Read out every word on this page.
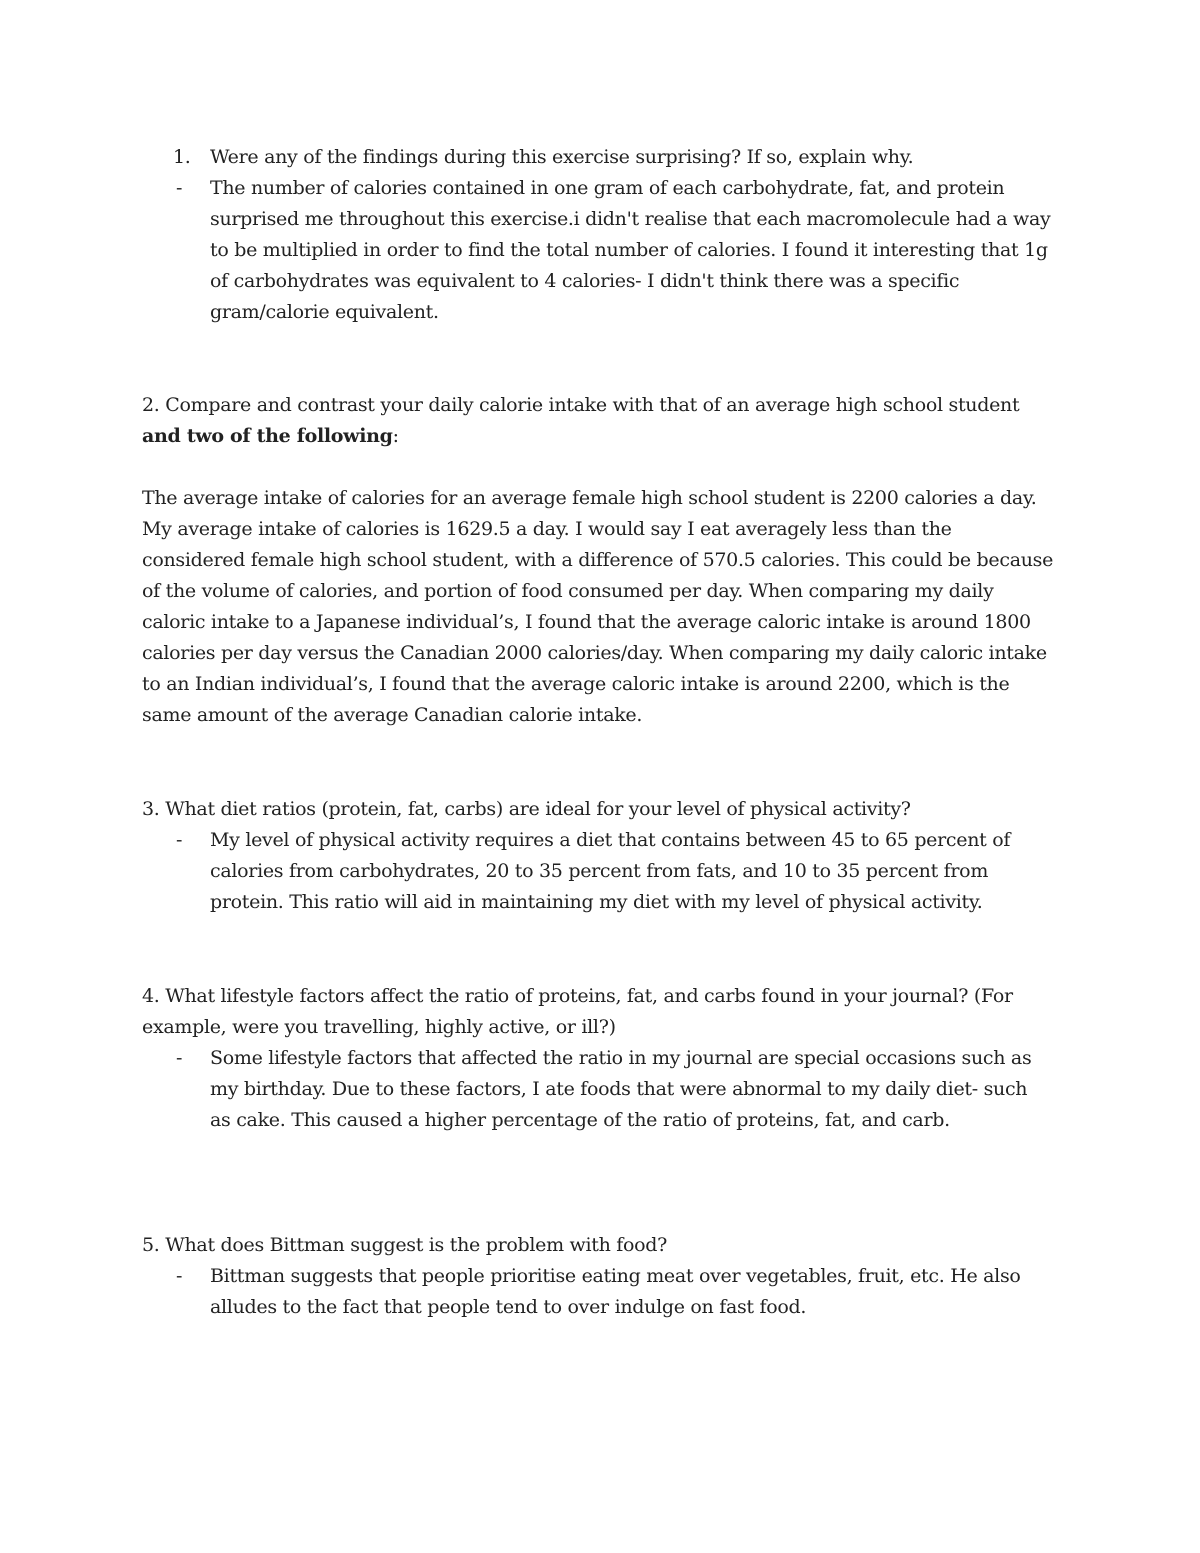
1. Were any of the findings during this exercise surprising? If so, explain why.
- The number of calories contained in one gram of each carbohydrate, fat, and protein
surprised me throughout this exercise.i didn't realise that each macromolecule had a way
to be multiplied in order to find the total number of calories. I found it interesting that 1g
of carbohydrates was equivalent to 4 calories- I didn't think there was a specific
gram/calorie equivalent.
2. Compare and contrast your daily calorie intake with that of an average high school student
and two of the following:
The average intake of calories for an average female high school student is 2200 calories a day.
My average intake of calories is 1629.5 a day. I would say I eat averagely less than the
considered female high school student, with a difference of 570.5 calories. This could be because
of the volume of calories, and portion of food consumed per day. When comparing my daily
caloric intake to a Japanese individual’s, I found that the average caloric intake is around 1800
calories per day versus the Canadian 2000 calories/day. When comparing my daily caloric intake
to an Indian individual’s, I found that the average caloric intake is around 2200, which is the
same amount of the average Canadian calorie intake.
3. What diet ratios (protein, fat, carbs) are ideal for your level of physical activity?
- My level of physical activity requires a diet that contains between 45 to 65 percent of
calories from carbohydrates, 20 to 35 percent from fats, and 10 to 35 percent from
protein. This ratio will aid in maintaining my diet with my level of physical activity.
4. What lifestyle factors affect the ratio of proteins, fat, and carbs found in your journal? (For
example, were you travelling, highly active, or ill?)
- Some lifestyle factors that affected the ratio in my journal are special occasions such as
my birthday. Due to these factors, I ate foods that were abnormal to my daily diet- such
as cake. This caused a higher percentage of the ratio of proteins, fat, and carb.
5. What does Bittman suggest is the problem with food?
- Bittman suggests that people prioritise eating meat over vegetables, fruit, etc. He also
alludes to the fact that people tend to over indulge on fast food.
